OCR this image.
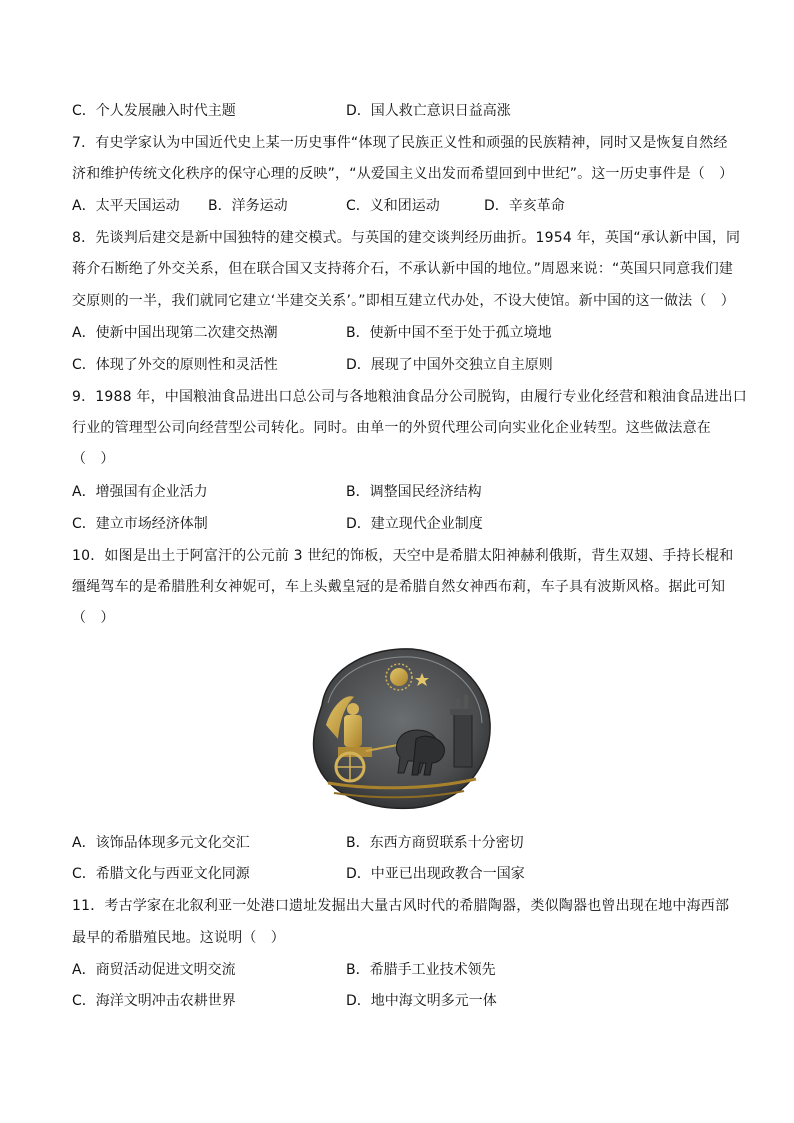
C．个人发展融入时代主题	D．国人救亡意识日益高涨
7．有史学家认为中国近代史上某一历史事件“体现了民族正义性和顽强的民族精神，同时又是恢复自然经
济和维护传统文化秩序的保守心理的反映”，“从爱国主义出发而希望回到中世纪”。这一历史事件是（　）
A．太平天国运动 B．洋务运动	C．义和团运动	D．辛亥革命
8．先谈判后建交是新中国独特的建交模式。与英国的建交谈判经历曲折。1954 年，英国“承认新中国，同
蒋介石断绝了外交关系，但在联合国又支持蒋介石，不承认新中国的地位。”周恩来说：“英国只同意我们建
交原则的一半，我们就同它建立‘半建交关系’。”即相互建立代办处，不设大使馆。新中国的这一做法（　）
A．使新中国出现第二次建交热潮	B．使新中国不至于处于孤立境地
C．体现了外交的原则性和灵活性	D．展现了中国外交独立自主原则
9．1988 年，中国粮油食品进出口总公司与各地粮油食品分公司脱钩，由履行专业化经营和粮油食品进出口
行业的管理型公司向经营型公司转化。同时。由单一的外贸代理公司向实业化企业转型。这些做法意在
（　）
A．增强国有企业活力	B．调整国民经济结构
C．建立市场经济体制	D．建立现代企业制度
10．如图是出土于阿富汗的公元前 3 世纪的饰板，天空中是希腊太阳神赫利俄斯，背生双翅、手持长棍和
缰绳驾车的是希腊胜利女神妮可，车上头戴皇冠的是希腊自然女神西布莉，车子具有波斯风格。据此可知
（　）
A．该饰品体现多元文化交汇	B．东西方商贸联系十分密切
C．希腊文化与西亚文化同源	D．中亚已出现政教合一国家
11．考古学家在北叙利亚一处港口遗址发掘出大量古风时代的希腊陶器，类似陶器也曾出现在地中海西部
最早的希腊殖民地。这说明（　）
A．商贸活动促进文明交流	B．希腊手工业技术领先
C．海洋文明冲击农耕世界	D．地中海文明多元一体
